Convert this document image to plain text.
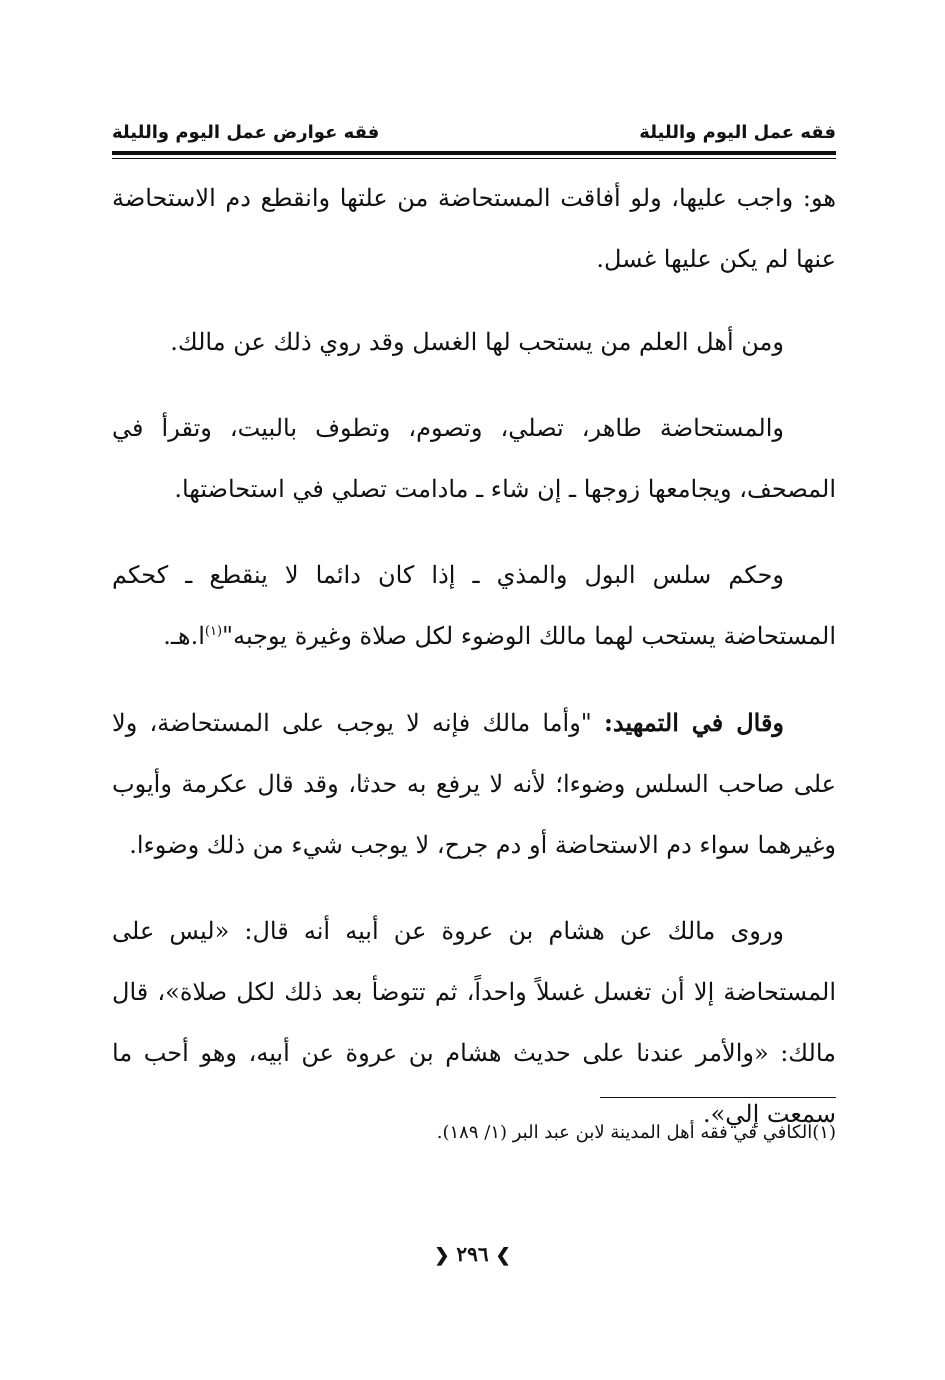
فقه عمل اليوم والليلة
فقه عوارض عمل اليوم والليلة

هو: واجب عليها، ولو أفاقت المستحاضة من علتها وانقطع دم الاستحاضة عنها لم يكن عليها غسل.

ومن أهل العلم من يستحب لها الغسل وقد روي ذلك عن مالك.

والمستحاضة طاهر، تصلي، وتصوم، وتطوف بالبيت، وتقرأ في المصحف، ويجامعها زوجها ـ إن شاء ـ مادامت تصلي في استحاضتها.

وحكم سلس البول والمذي ـ إذا كان دائما لا ينقطع ـ كحكم المستحاضة يستحب لهما مالك الوضوء لكل صلاة وغيرة يوجبه"$^{(١)}$ا.هـ.

وقال في التمهيد: "وأما مالك فإنه لا يوجب على المستحاضة، ولا على صاحب السلس وضوءا؛ لأنه لا يرفع به حدثا، وقد قال عكرمة وأيوب وغيرهما سواء دم الاستحاضة أو دم جرح، لا يوجب شيء من ذلك وضوءا.

وروى مالك عن هشام بن عروة عن أبيه أنه قال: «ليس على المستحاضة إلا أن تغسل غسلاً واحداً، ثم تتوضأ بعد ذلك لكل صلاة»، قال مالك: «والأمر عندنا على حديث هشام بن عروة عن أبيه، وهو أحب ما سمعت إلي».

(١)الكافي في فقه أهل المدينة لابن عبد البر (١/ ١٨٩).
❯ ٢٩٦ ❮
